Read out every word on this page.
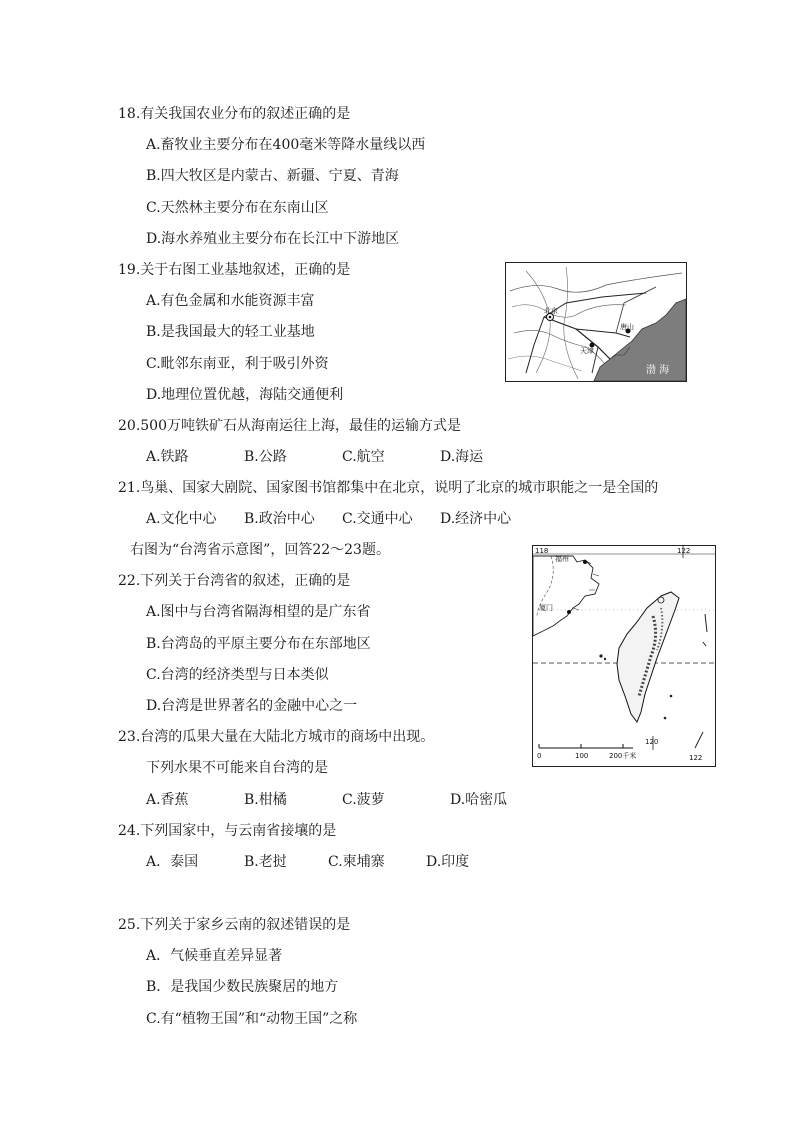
18.有关我国农业分布的叙述正确的是
A.畜牧业主要分布在400毫米等降水量线以西
B.四大牧区是内蒙古、新疆、宁夏、青海
C.天然林主要分布在东南山区
D.海水养殖业主要分布在长江中下游地区
19.关于右图工业基地叙述，正确的是
A.有色金属和水能资源丰富
B.是我国最大的轻工业基地
C.毗邻东南亚，利于吸引外资
D.地理位置优越，海陆交通便利
北京
天津
唐山
渤 海
20.500万吨铁矿石从海南运往上海，最佳的运输方式是
A.铁路	B.公路	C.航空	D.海运
21.鸟巢、国家大剧院、国家图书馆都集中在北京，说明了北京的城市职能之一是全国的
A.文化中心 B.政治中心 C.交通中心 D.经济中心
右图为“台湾省示意图”，回答22～23题。
22.下列关于台湾省的叙述，正确的是
A.图中与台湾省隔海相望的是广东省
B.台湾岛的平原主要分布在东部地区
C.台湾的经济类型与日本类似
D.台湾是世界著名的金融中心之一
118	122
福州
厦门
120
122
0	100	200千米
23.台湾的瓜果大量在大陆北方城市的商场中出现。
下列水果不可能来自台湾的是
A.香蕉	B.柑橘	C.菠萝	D.哈密瓜
24.下列国家中，与云南省接壤的是
A．泰国	B.老挝	C.柬埔寨	D.印度
25.下列关于家乡云南的叙述错误的是
A．气候垂直差异显著
B．是我国少数民族聚居的地方
C.有“植物王国”和“动物王国”之称
